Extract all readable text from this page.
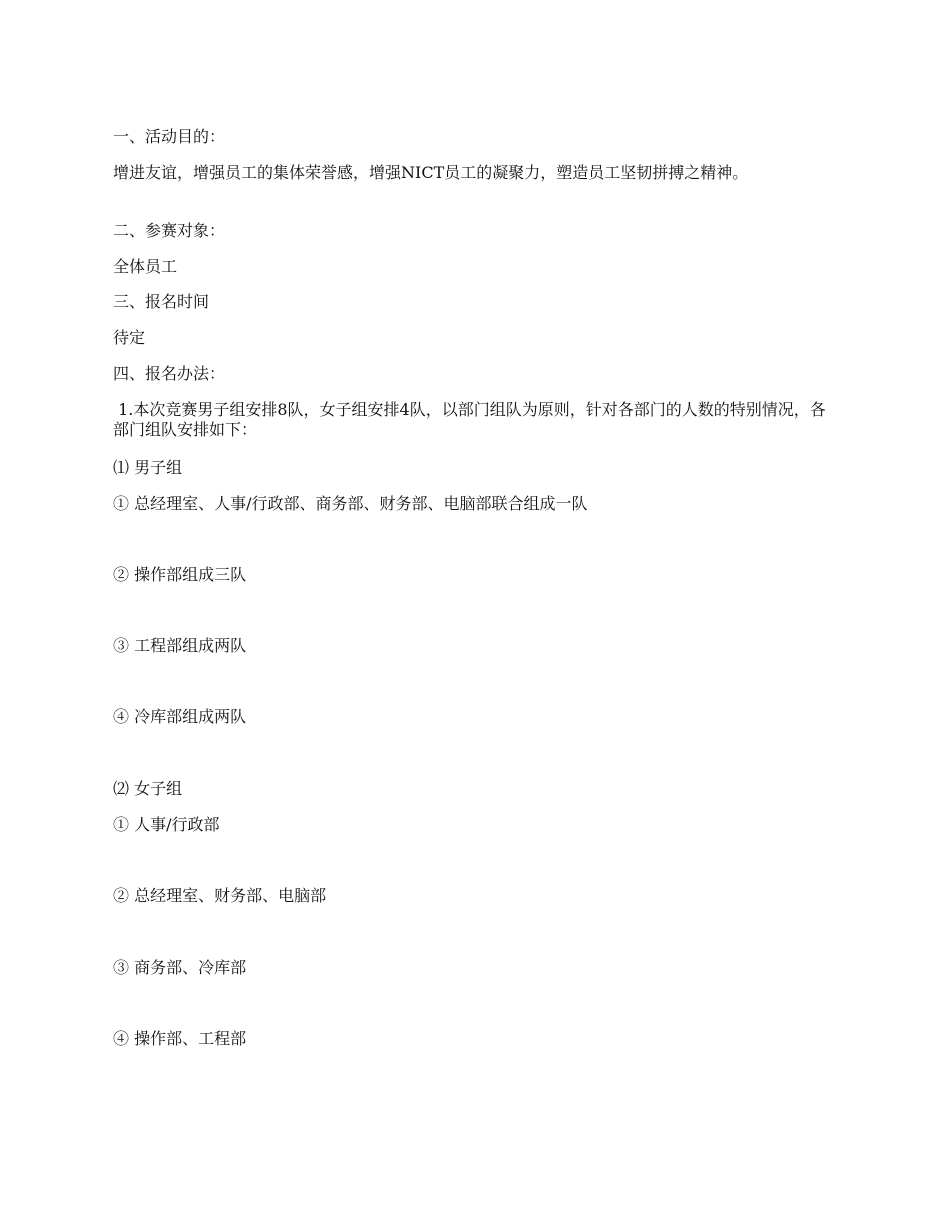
一、活动目的：
增进友谊，增强员工的集体荣誉感，增强NICT员工的凝聚力，塑造员工坚韧拼搏之精神。
二、参赛对象：
全体员工
三、报名时间
待定
四、报名办法：
1.本次竞赛男子组安排8队，女子组安排4队，以部门组队为原则，针对各部门的人数的特别情况，各部门组队安排如下：
⑴ 男子组
① 总经理室、人事/行政部、商务部、财务部、电脑部联合组成一队
② 操作部组成三队
③ 工程部组成两队
④ 冷库部组成两队
⑵ 女子组
① 人事/行政部
② 总经理室、财务部、电脑部
③ 商务部、冷库部
④ 操作部、工程部
